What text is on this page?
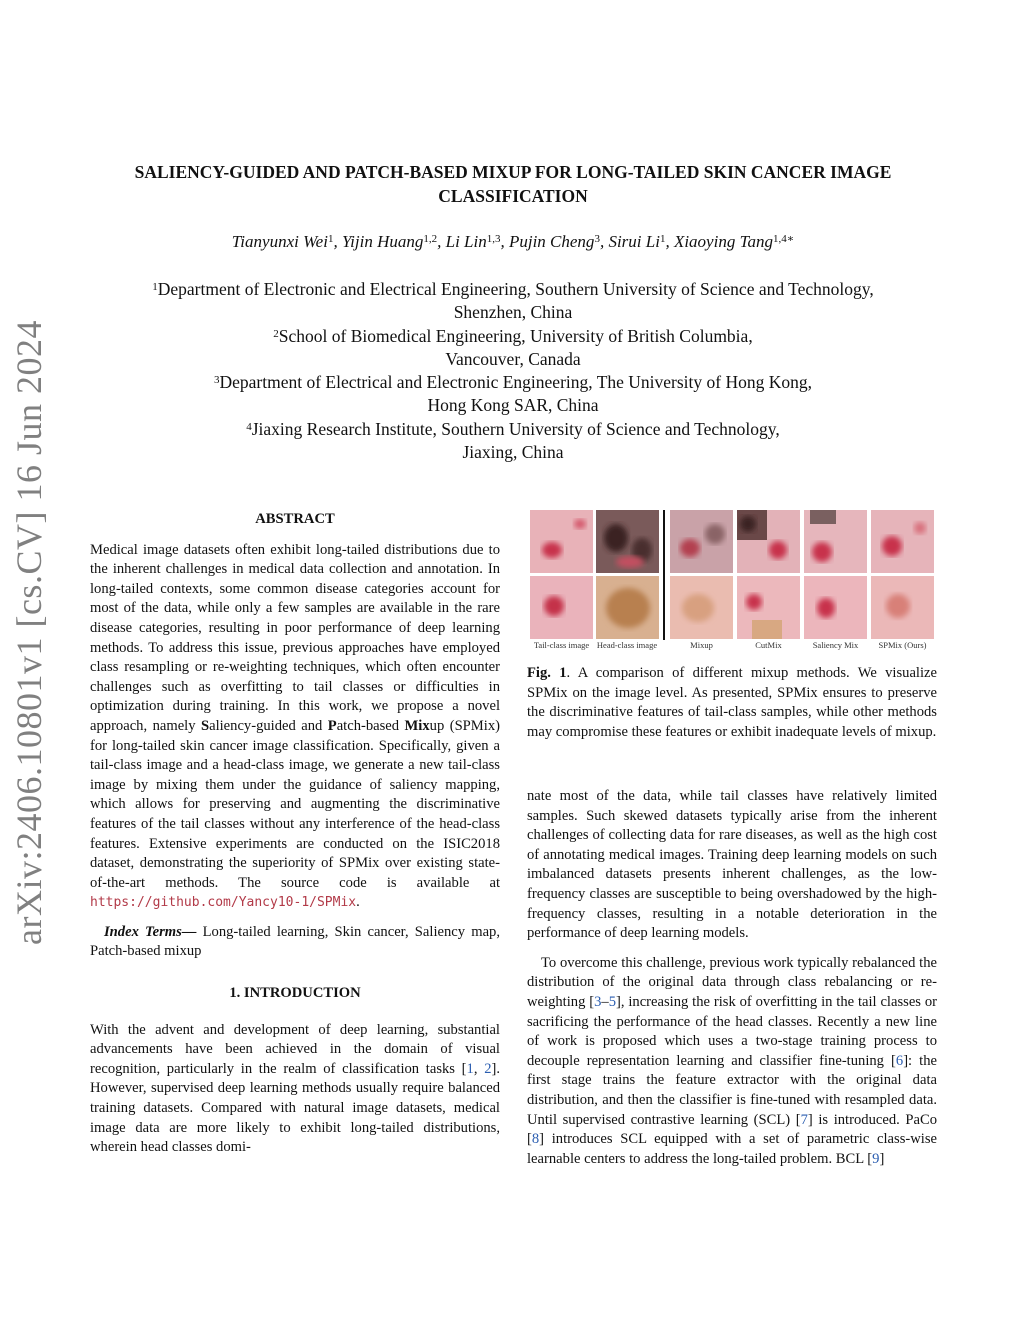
arXiv:2406.10801v1 [cs.CV] 16 Jun 2024
SALIENCY-GUIDED AND PATCH-BASED MIXUP FOR LONG-TAILED SKIN CANCER IMAGE CLASSIFICATION
Tianyunxi Wei$^1$, Yijin Huang$^{1,2}$, Li Lin$^{1,3}$, Pujin Cheng$^3$, Sirui Li$^1$, Xiaoying Tang$^{1,4∗}$
$^1$Department of Electronic and Electrical Engineering, Southern University of Science and Technology,
Shenzhen, China
$^2$School of Biomedical Engineering, University of British Columbia,
Vancouver, Canada
$^3$Department of Electrical and Electronic Engineering, The University of Hong Kong,
Hong Kong SAR, China
$^4$Jiaxing Research Institute, Southern University of Science and Technology,
Jiaxing, China
ABSTRACT

Medical image datasets often exhibit long-tailed distributions due to the inherent challenges in medical data collection and annotation. In long-tailed contexts, some common disease categories account for most of the data, while only a few samples are available in the rare disease categories, resulting in poor performance of deep learning methods. To address this issue, previous approaches have employed class resampling or re-weighting techniques, which often encounter challenges such as overfitting to tail classes or difficulties in optimization during training. In this work, we propose a novel approach, namely Saliency-guided and Patch-based Mixup (SPMix) for long-tailed skin cancer image classification. Specifically, given a tail-class image and a head-class image, we generate a new tail-class image by mixing them under the guidance of saliency mapping, which allows for preserving and augmenting the discriminative features of the tail classes without any interference of the head-class features. Extensive experiments are conducted on the ISIC2018 dataset, demonstrating the superiority of SPMix over existing state-of-the-art methods. The source code is available at https://github.com/Yancy10-1/SPMix.

Index Terms— Long-tailed learning, Skin cancer, Saliency map, Patch-based mixup

1. INTRODUCTION

With the advent and development of deep learning, substantial advancements have been achieved in the domain of visual recognition, particularly in the realm of classification tasks [1, 2]. However, supervised deep learning methods usually require balanced training datasets. Compared with natural image datasets, medical image data are more likely to exhibit long-tailed distributions, wherein head classes domi-

Tail-class image Head-class image	Mixup	CutMix	Saliency Mix	SPMix (Ours)

Fig. 1. A comparison of different mixup methods. We visualize SPMix on the image level. As presented, SPMix ensures to preserve the discriminative features of tail-class samples, while other methods may compromise these features or exhibit inadequate levels of mixup.

nate most of the data, while tail classes have relatively limited samples. Such skewed datasets typically arise from the inherent challenges of collecting data for rare diseases, as well as the high cost of annotating medical images. Training deep learning models on such imbalanced datasets presents inherent challenges, as the low-frequency classes are susceptible to being overshadowed by the high-frequency classes, resulting in a notable deterioration in the performance of deep learning models.

To overcome this challenge, previous work typically rebalanced the distribution of the original data through class rebalancing or re-weighting [3–5], increasing the risk of overfitting in the tail classes or sacrificing the performance of the head classes. Recently a new line of work is proposed which uses a two-stage training process to decouple representation learning and classifier fine-tuning [6]: the first stage trains the feature extractor with the original data distribution, and then the classifier is fine-tuned with resampled data. Until supervised contrastive learning (SCL) [7] is introduced. PaCo [8] introduces SCL equipped with a set of parametric class-wise learnable centers to address the long-tailed problem. BCL [9]
